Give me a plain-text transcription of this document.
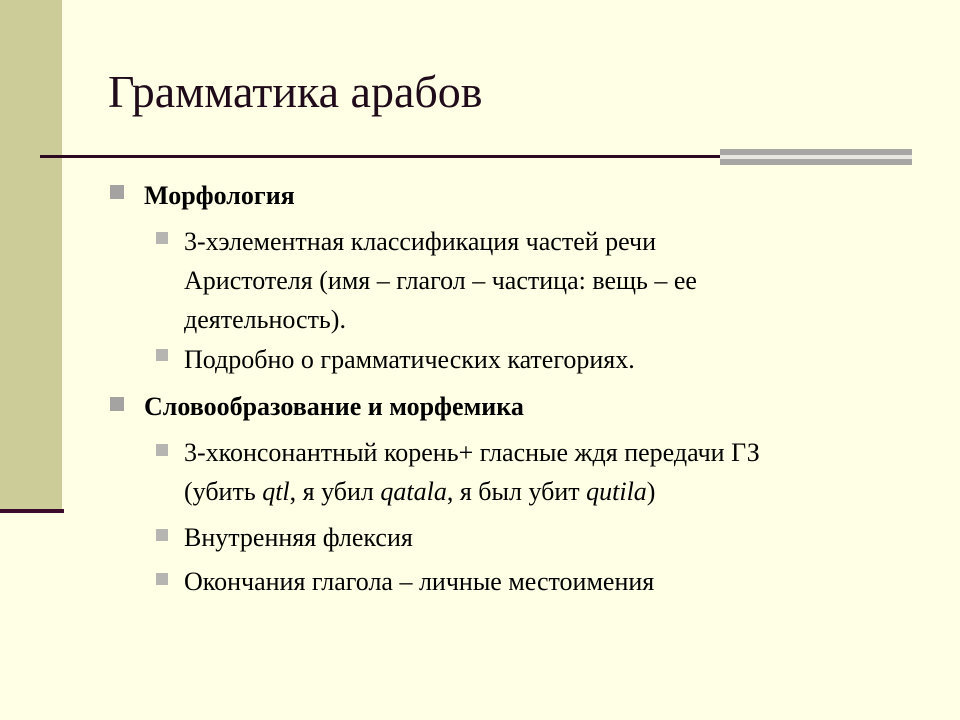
Грамматика арабов
Морфология
3-хэлементная классификация частей речи
Аристотеля (имя – глагол – частица: вещь – ее
деятельность).
Подробно о грамматических категориях.
Словообразование и морфемика
3-хконсонантный корень+ гласные ждя передачи ГЗ
(убить qtl, я убил qatala, я был убит qutila)
Внутренняя флексия
Окончания глагола – личные местоимения
